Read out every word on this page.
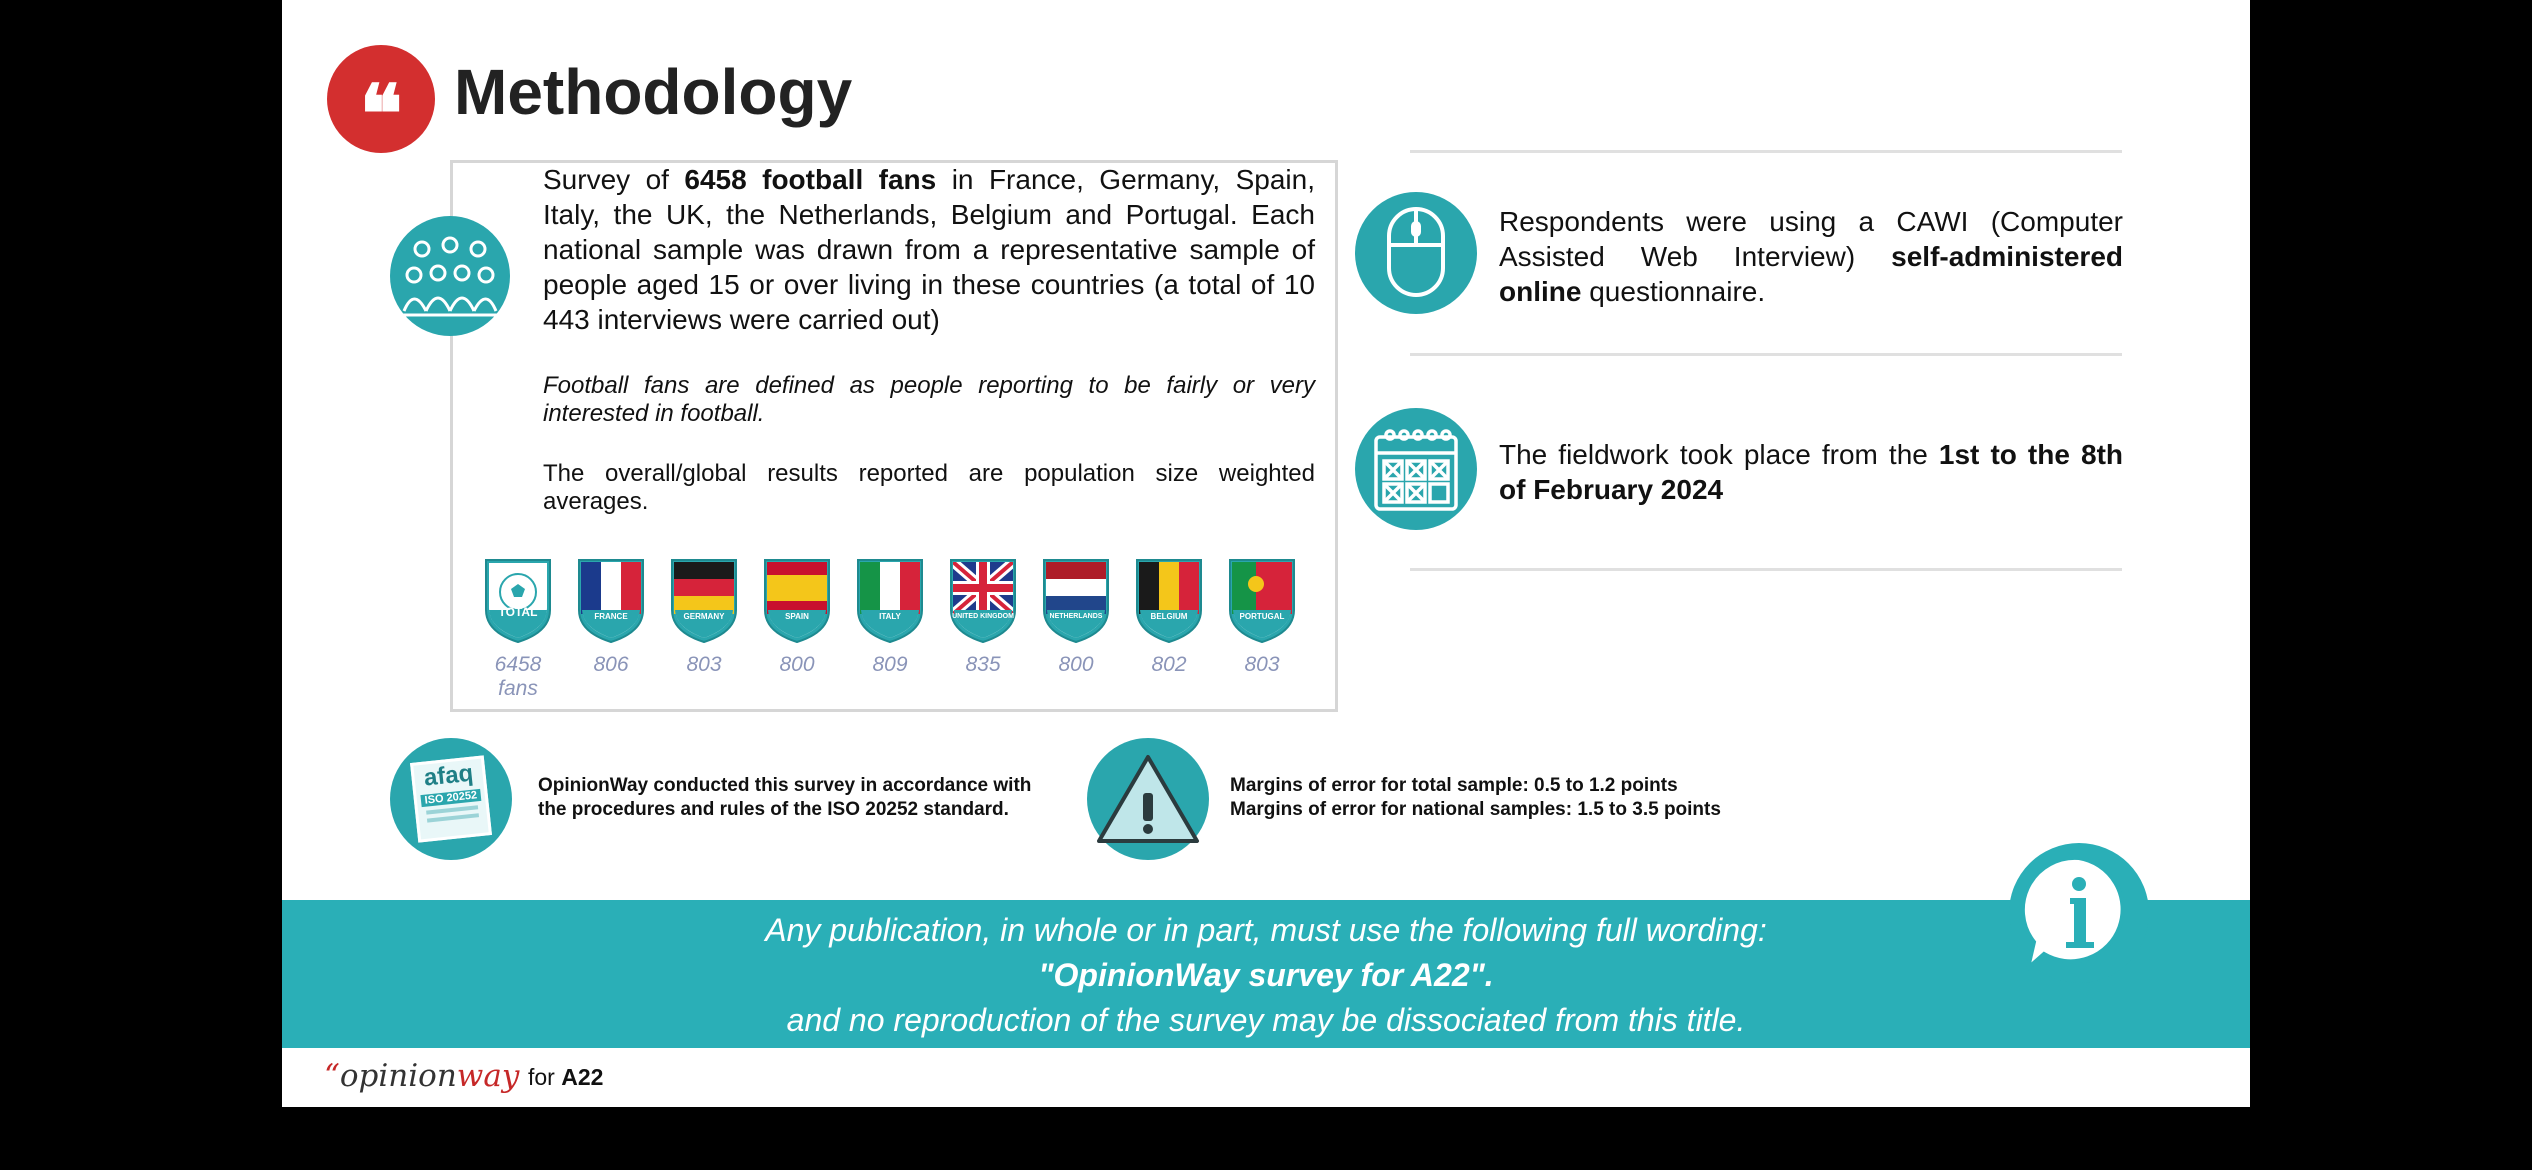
❝ Methodology
Survey of 6458 football fans in France, Germany, Spain, Italy, the UK, the Netherlands, Belgium and Portugal. Each national sample was drawn from a representative sample of people aged 15 or over living in these countries (a total of 10 443 interviews were carried out)
Football fans are defined as people reporting to be fairly or very interested in football.
The overall/global results reported are population size weighted averages.
TOTAL
6458
fans
FRANCE
806
GERMANY
803
SPAIN
800
ITALY
809
UNITED KINGDOM
835
NETHERLANDS
800
BELGIUM
802
PORTUGAL
803
Respondents were using a CAWI (Computer Assisted Web Interview) self-administered online questionnaire.
The fieldwork took place from the 1st to the 8th of February 2024
afaq
ISO 20252
OpinionWay conducted this survey in accordance with the procedures and rules of the ISO 20252 standard.
Margins of error for total sample: 0.5 to 1.2 points
Margins of error for national samples: 1.5 to 3.5 points
Any publication, in whole or in part, must use the following full wording:
"OpinionWay survey for A22".
and no reproduction of the survey may be dissociated from this title.
“opinionway for A22
